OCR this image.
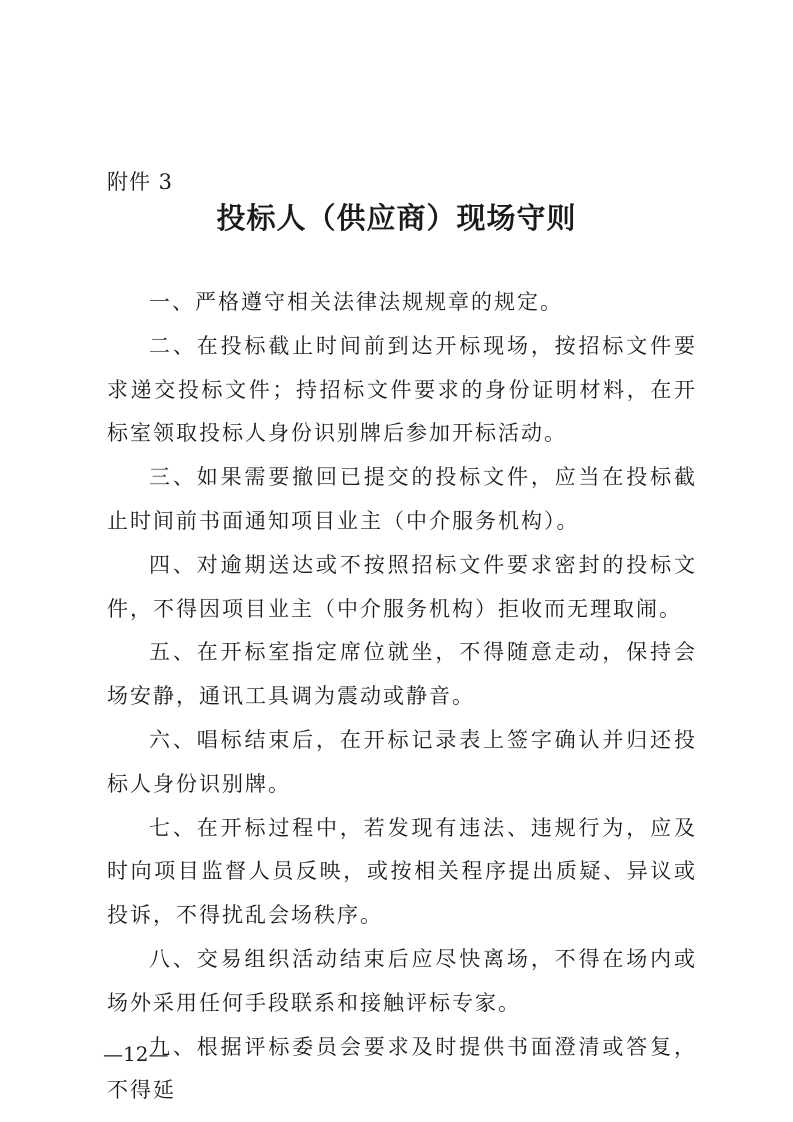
附件 3
投标人（供应商）现场守则

一、严格遵守相关法律法规规章的规定。

二、在投标截止时间前到达开标现场，按招标文件要求递交投标文件；持招标文件要求的身份证明材料，在开标室领取投标人身份识别牌后参加开标活动。

三、如果需要撤回已提交的投标文件，应当在投标截止时间前书面通知项目业主（中介服务机构）。

四、对逾期送达或不按照招标文件要求密封的投标文件，不得因项目业主（中介服务机构）拒收而无理取闹。

五、在开标室指定席位就坐，不得随意走动，保持会场安静，通讯工具调为震动或静音。

六、唱标结束后，在开标记录表上签字确认并归还投标人身份识别牌。

七、在开标过程中，若发现有违法、违规行为，应及时向项目监督人员反映，或按相关程序提出质疑、异议或投诉，不得扰乱会场秩序。

八、交易组织活动结束后应尽快离场，不得在场内或场外采用任何手段联系和接触评标专家。

九、根据评标委员会要求及时提供书面澄清或答复，不得延

—12—
